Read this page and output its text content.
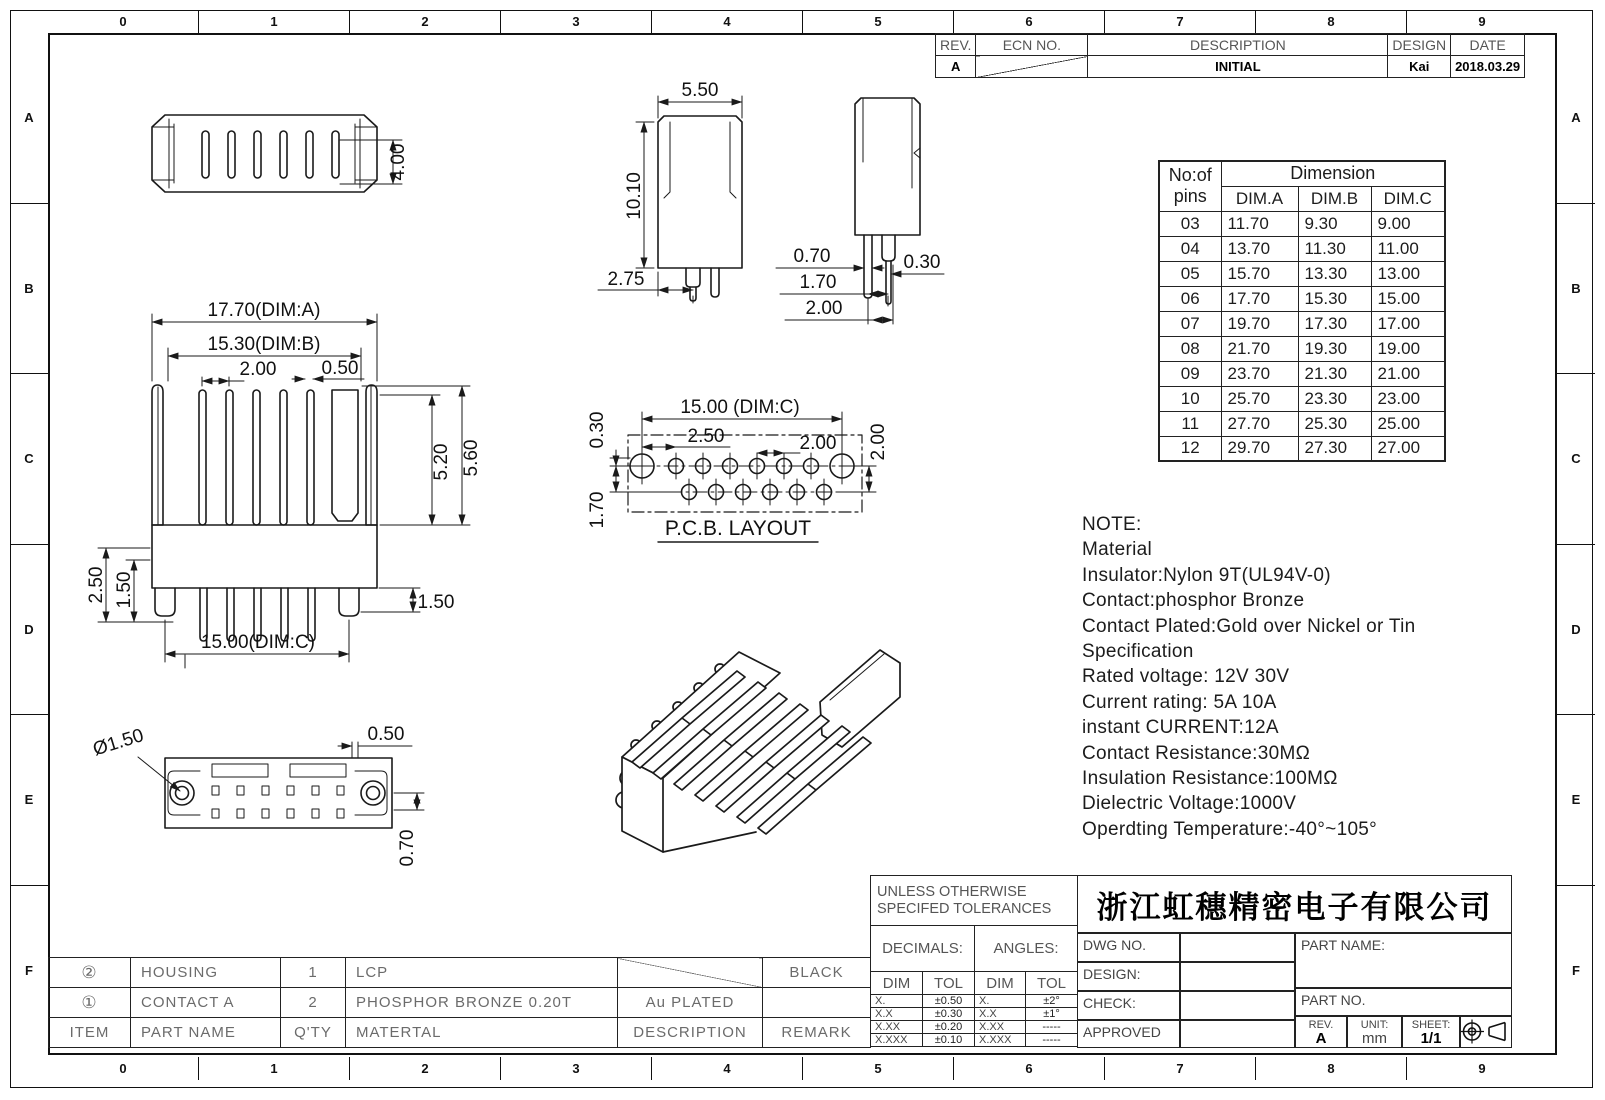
0	1	2	3	4	5	6	7	8	9
0	1	2	3	4	5	6	7	8	9
A
B
C
D
E
F
A
B
C
D
E
F
4.00
5.50
10.10
2.75
0.70
1.70
2.00
0.30
17.70(DIM:A)
15.30(DIM:B)
2.00 0.50
5.20 5.60
1.50
15.00(DIM:C)
2.50 1.50
15.00 (DIM:C)
2.50	2.00
0.30
1.70
2.00
P.C.B. LAYOUT
0.50
Ø1.50
0.70
REV.	ECN NO.	DESCRIPTION	DESIGN	DATE
A		INITIAL	Kai	2018.03.29
No:of
pins	Dimension		
	DIM.A	DIM.B	DIM.C
03	11.70	9.30	9.00
04	13.70	11.30	11.00
05	15.70	13.30	13.00
06	17.70	15.30	15.00
07	19.70	17.30	17.00
08	21.70	19.30	19.00
09	23.70	21.30	21.00
10	25.70	23.30	23.00
11	27.70	25.30	25.00
12	29.70	27.30	27.00
NOTE:
Material
Insulator:Nylon 9T(UL94V-0)
Contact:phosphor Bronze
Contact Plated:Gold over Nickel or Tin
Specification
Rated voltage: 12V 30V
Current rating: 5A 10A
instant CURRENT:12A
Contact Resistance:30MΩ
Insulation Resistance:100MΩ
Dielectric Voltage:1000V
Operdting Temperature:-40°~105°
②	HOUSING	1	LCP		BLACK
①	CONTACT A	2	PHOSPHOR BRONZE 0.20T	Au PLATED	
ITEM	PART NAME	Q'TY	MATERTAL	DESCRIPTION	REMARK
UNLESS OTHERWISE
SPECIFED TOLERANCES			

DECIMALS:		ANGLES:	
DIM	TOL	DIM	TOL
X.	±0.50	X.	±2°
X.X	±0.30	X.X	±1°
X.XX	±0.20	X.XX	-----
X.XXX	±0.10	X.XXX	-----
浙江虹穗精密电子有限公司
DWG NO.
DESIGN:
CHECK:
APPROVED
PART NAME:
PART NO.
REV.
A
UNIT:
mm
SHEET:
1/1
